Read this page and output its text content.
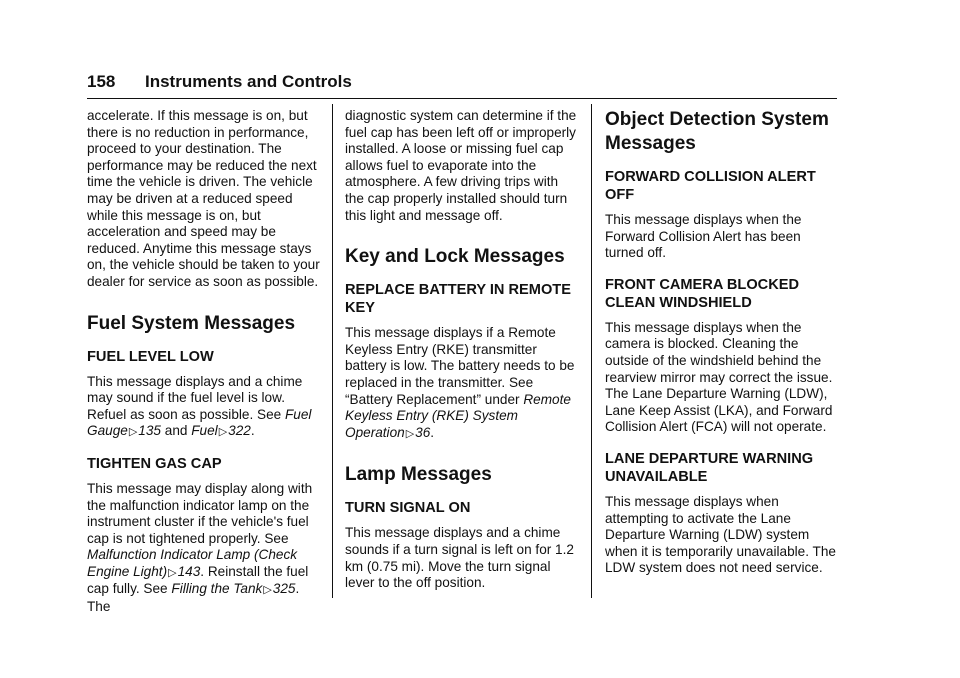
158 Instruments and Controls

accelerate. If this message is on, but there is no reduction in performance, proceed to your destination. The performance may be reduced the next time the vehicle is driven. The vehicle may be driven at a reduced speed while this message is on, but acceleration and speed may be reduced. Anytime this message stays on, the vehicle should be taken to your dealer for service as soon as possible.

Fuel System Messages
FUEL LEVEL LOW

This message displays and a chime may sound if the fuel level is low. Refuel as soon as possible. See Fuel Gauge▷135 and Fuel▷322.

TIGHTEN GAS CAP

This message may display along with the malfunction indicator lamp on the instrument cluster if the vehicle's fuel cap is not tightened properly. See Malfunction Indicator Lamp (Check Engine Light)▷143. Reinstall the fuel cap fully. See Filling the Tank▷325. The

diagnostic system can determine if the fuel cap has been left off or improperly installed. A loose or missing fuel cap allows fuel to evaporate into the atmosphere. A few driving trips with the cap properly installed should turn this light and message off.

Key and Lock Messages
REPLACE BATTERY IN REMOTE KEY

This message displays if a Remote Keyless Entry (RKE) transmitter battery is low. The battery needs to be replaced in the transmitter. See “Battery Replacement” under Remote Keyless Entry (RKE) System Operation▷36.

Lamp Messages
TURN SIGNAL ON

This message displays and a chime sounds if a turn signal is left on for 1.2 km (0.75 mi). Move the turn signal lever to the off position.

Object Detection System Messages
FORWARD COLLISION ALERT OFF

This message displays when the Forward Collision Alert has been turned off.

FRONT CAMERA BLOCKED CLEAN WINDSHIELD

This message displays when the camera is blocked. Cleaning the outside of the windshield behind the rearview mirror may correct the issue. The Lane Departure Warning (LDW), Lane Keep Assist (LKA), and Forward Collision Alert (FCA) will not operate.

LANE DEPARTURE WARNING UNAVAILABLE

This message displays when attempting to activate the Lane Departure Warning (LDW) system when it is temporarily unavailable. The LDW system does not need service.
